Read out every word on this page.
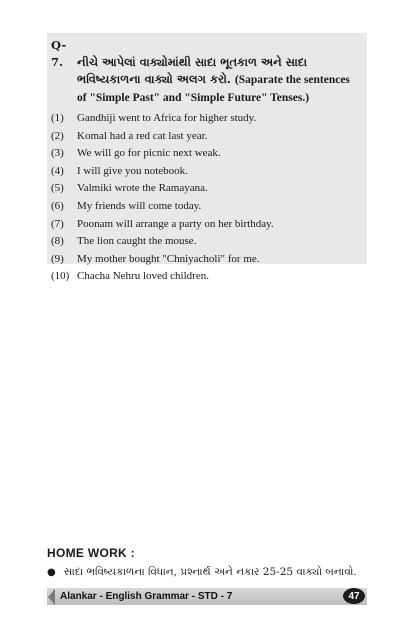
Q-7. નીચે આપેલાં વાક્યોમાંથી સાદા ભૂતકાળ અને સાદા
ભવિષ્યકાળના વાક્યો અલગ કરો. (Saparate the sentences
of "Simple Past" and "Simple Future" Tenses.)
(1)	Gandhiji went to Africa for higher study.
(2)	Komal had a red cat last year.
(3)	We will go for picnic next weak.
(4)	I will give you notebook.
(5)	Valmiki wrote the Ramayana.
(6)	My friends will come today.
(7)	Poonam will arrange a party on her birthday.
(8)	The lion caught the mouse.
(9)	My mother bought "Chniyacholi" for me.
(10) Chacha Nehru loved children.
HOME WORK :
● સાદા ભવિષ્યકાળના વિધાન, પ્રશ્નાર્થ અને નકાર 25-25 વાક્યો બનાવો.
Alankar - English Grammar - STD - 7	47
